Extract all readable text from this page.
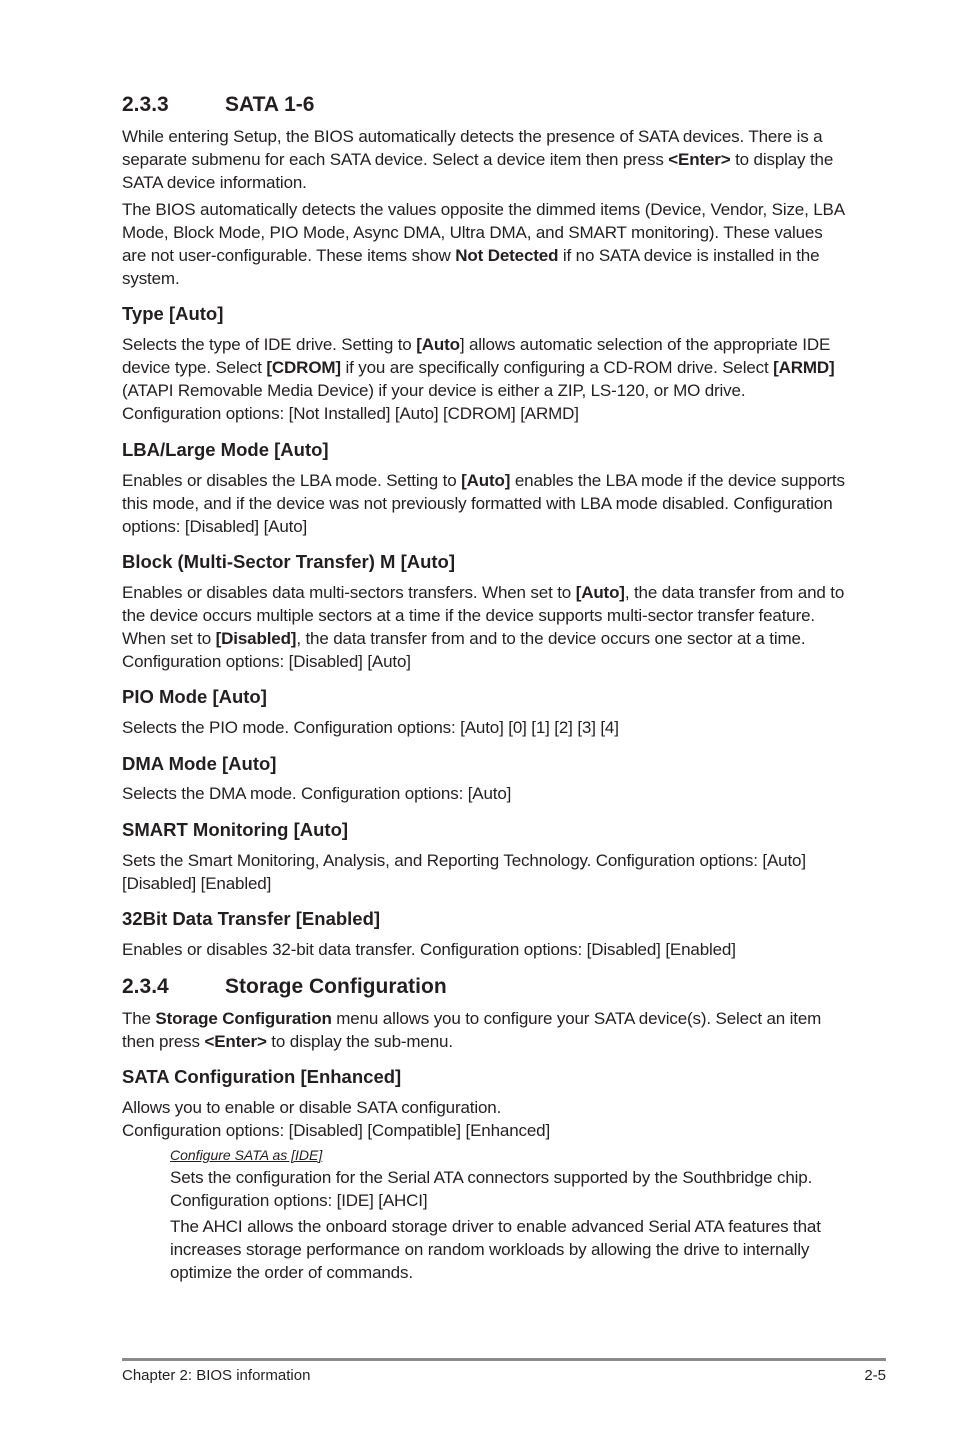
2.3.3	SATA 1-6

While entering Setup, the BIOS automatically detects the presence of SATA devices. There is a separate submenu for each SATA device. Select a device item then press <Enter> to display the SATA device information.

The BIOS automatically detects the values opposite the dimmed items (Device, Vendor, Size, LBA Mode, Block Mode, PIO Mode, Async DMA, Ultra DMA, and SMART monitoring). These values are not user-configurable. These items show Not Detected if no SATA device is installed in the system.

Type [Auto]

Selects the type of IDE drive. Setting to [Auto] allows automatic selection of the appropriate IDE device type. Select [CDROM] if you are specifically configuring a CD-ROM drive. Select [ARMD] (ATAPI Removable Media Device) if your device is either a ZIP, LS-120, or MO drive. Configuration options: [Not Installed] [Auto] [CDROM] [ARMD]

LBA/Large Mode [Auto]

Enables or disables the LBA mode. Setting to [Auto] enables the LBA mode if the device supports this mode, and if the device was not previously formatted with LBA mode disabled. Configuration options: [Disabled] [Auto]

Block (Multi-Sector Transfer) M [Auto]

Enables or disables data multi-sectors transfers. When set to [Auto], the data transfer from and to the device occurs multiple sectors at a time if the device supports multi-sector transfer feature. When set to [Disabled], the data transfer from and to the device occurs one sector at a time. Configuration options: [Disabled] [Auto]

PIO Mode [Auto]

Selects the PIO mode. Configuration options: [Auto] [0] [1] [2] [3] [4]

DMA Mode [Auto]

Selects the DMA mode. Configuration options: [Auto]

SMART Monitoring [Auto]

Sets the Smart Monitoring, Analysis, and Reporting Technology. Configuration options: [Auto] [Disabled] [Enabled]

32Bit Data Transfer [Enabled]

Enables or disables 32-bit data transfer. Configuration options: [Disabled] [Enabled]

2.3.4	Storage Configuration

The Storage Configuration menu allows you to configure your SATA device(s). Select an item then press <Enter> to display the sub-menu.

SATA Configuration [Enhanced]

Allows you to enable or disable SATA configuration.

Configuration options: [Disabled] [Compatible] [Enhanced]

Configure SATA as [IDE]

Sets the configuration for the Serial ATA connectors supported by the Southbridge chip. Configuration options: [IDE] [AHCI]

The AHCI allows the onboard storage driver to enable advanced Serial ATA features that increases storage performance on random workloads by allowing the drive to internally optimize the order of commands.

Chapter 2: BIOS information	2-5
